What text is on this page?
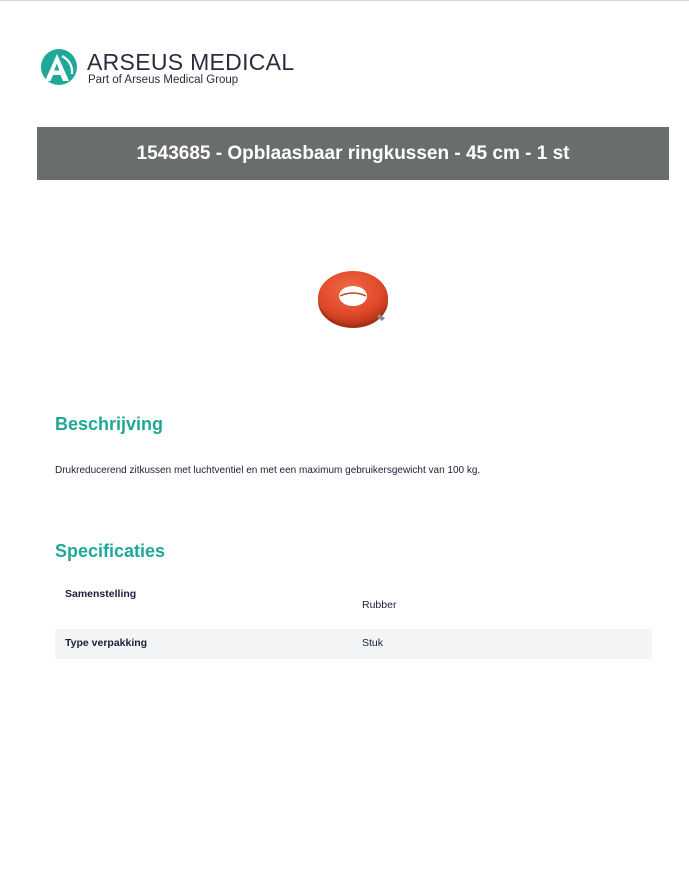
ARSEUS MEDICAL
Part of Arseus Medical Group
1543685 - Opblaasbaar ringkussen - 45 cm - 1 st
Beschrijving
Drukreducerend zitkussen met luchtventiel en met een maximum gebruikersgewicht van 100 kg.
Specificaties
Samenstelling
Rubber
Type verpakking	Stuk
